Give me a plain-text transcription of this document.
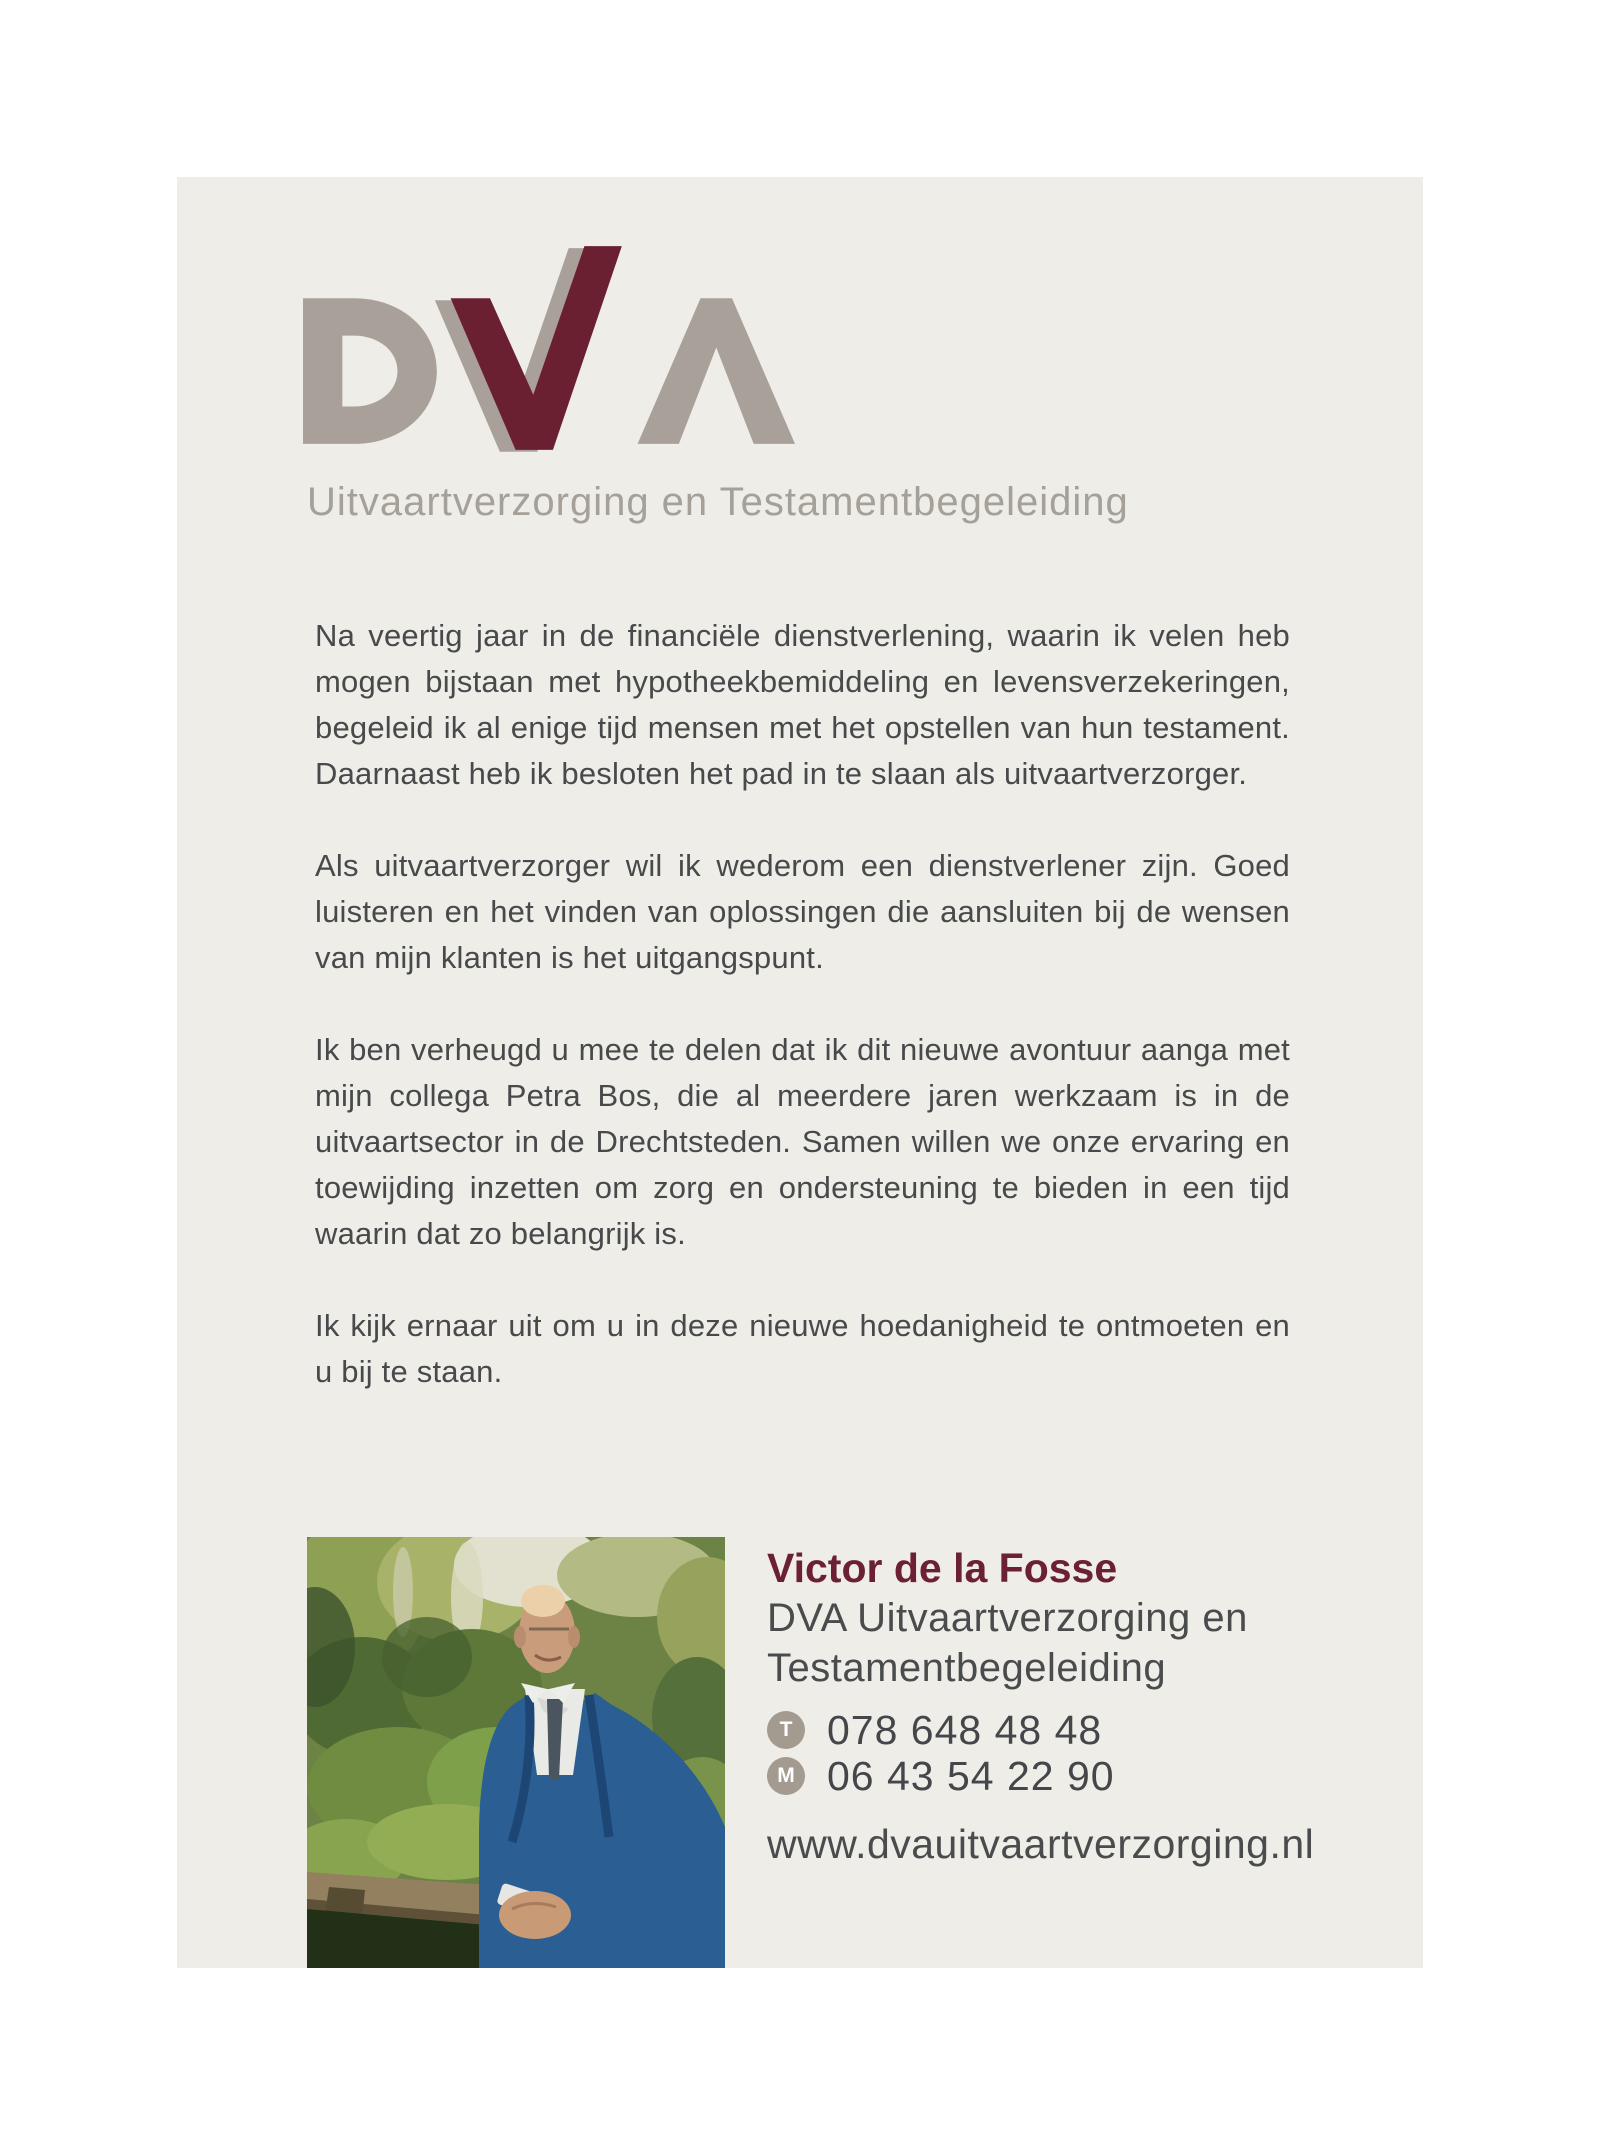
Uitvaartverzorging en Testamentbegeleiding

Na veertig jaar in de financiële dienstverlening, waarin ik velen heb mogen bijstaan met hypotheekbemiddeling en levensverzekeringen, begeleid ik al enige tijd mensen met het opstellen van hun testament. Daarnaast heb ik besloten het pad in te slaan als uitvaartverzorger.

Als uitvaartverzorger wil ik wederom een dienstverlener zijn. Goed luisteren en het vinden van oplossingen die aansluiten bij de wensen van mijn klanten is het uitgangspunt.

Ik ben verheugd u mee te delen dat ik dit nieuwe avontuur aanga met mijn collega Petra Bos, die al meerdere jaren werkzaam is in de uitvaartsector in de Drechtsteden. Samen willen we onze ervaring en toewijding inzetten om zorg en ondersteuning te bieden in een tijd waarin dat zo belangrijk is.

Ik kijk ernaar uit om u in deze nieuwe hoedanigheid te ontmoeten en u bij te staan.

Victor de la Fosse
DVA Uitvaartverzorging en
Testamentbegeleiding
T 078 648 48 48
M 06 43 54 22 90
www.dvauitvaartverzorging.nl
